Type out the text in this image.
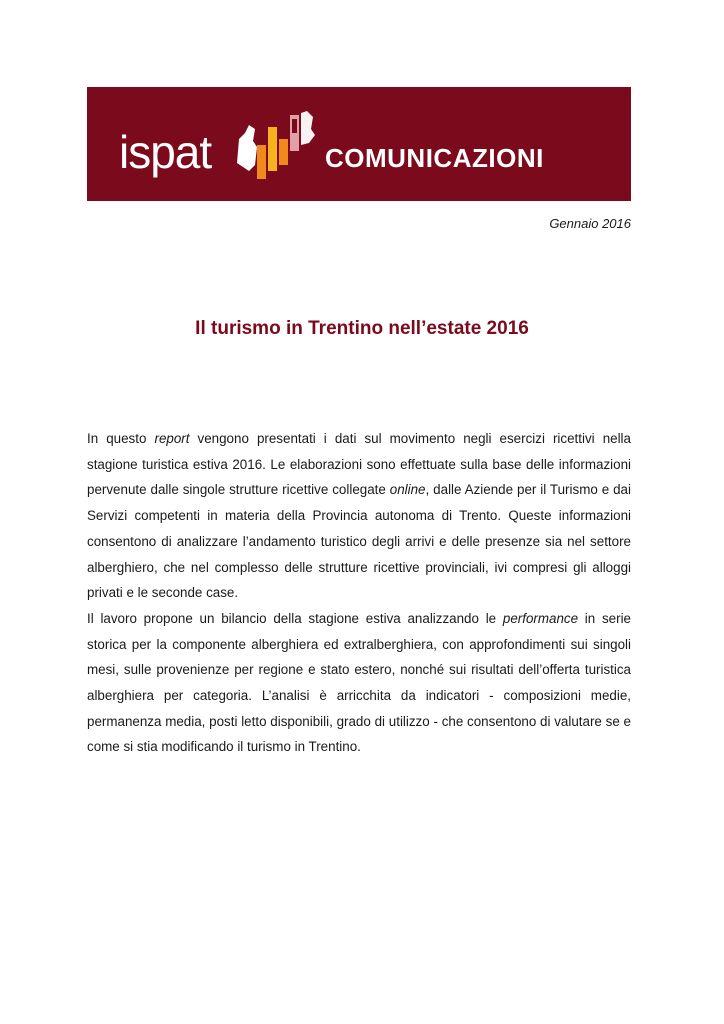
ispat	COMUNICAZIONI
Gennaio 2016
Il turismo in Trentino nell’estate 2016

In questo report vengono presentati i dati sul movimento negli esercizi ricettivi nella stagione turistica estiva 2016. Le elaborazioni sono effettuate sulla base delle informazioni pervenute dalle singole strutture ricettive collegate online, dalle Aziende per il Turismo e dai Servizi competenti in materia della Provincia autonoma di Trento. Queste informazioni consentono di analizzare l’andamento turistico degli arrivi e delle presenze sia nel settore alberghiero, che nel complesso delle strutture ricettive provinciali, ivi compresi gli alloggi privati e le seconde case.

Il lavoro propone un bilancio della stagione estiva analizzando le performance in serie storica per la componente alberghiera ed extralberghiera, con approfondimenti sui singoli mesi, sulle provenienze per regione e stato estero, nonché sui risultati dell’offerta turistica alberghiera per categoria. L’analisi è arricchita da indicatori - composizioni medie, permanenza media, posti letto disponibili, grado di utilizzo - che consentono di valutare se e come si stia modificando il turismo in Trentino.
